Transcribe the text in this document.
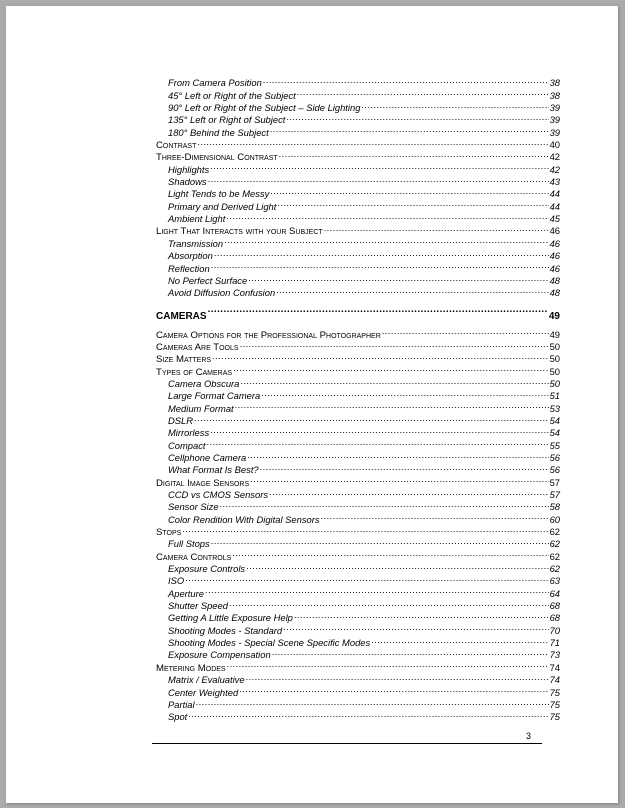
From Camera Position .....	38
45° Left or Right of the Subject .....	38
90° Left or Right of the Subject – Side Lighting .....	39
135° Left or Right of Subject .....	39
180° Behind the Subject .....	39
Contrast .....	40
Three-Dimensional Contrast .....	42
Highlights .....	42
Shadows .....	43
Light Tends to be Messy .....	44
Primary and Derived Light .....	44
Ambient Light .....	45
Light That Interacts with your Subject .....	46
Transmission .....	46
Absorption .....	46
Reflection .....	46
No Perfect Surface .....	48
Avoid Diffusion Confusion .....	48
CAMERAS .....	49
Camera Options for the Professional Photographer .....	49
Cameras Are Tools .....	50
Size Matters .....	50
Types of Cameras .....	50
Camera Obscura .....	50
Large Format Camera .....	51
Medium Format .....	53
DSLR .....	54
Mirrorless .....	54
Compact .....	55
Cellphone Camera .....	56
What Format Is Best? .....	56
Digital Image Sensors .....	57
CCD vs CMOS Sensors .....	57
Sensor Size .....	58
Color Rendition With Digital Sensors .....	60
Stops .....	62
Full Stops .....	62
Camera Controls .....	62
Exposure Controls .....	62
ISO .....	63
Aperture .....	64
Shutter Speed .....	68
Getting A Little Exposure Help .....	68
Shooting Modes - Standard .....	70
Shooting Modes - Special Scene Specific Modes .....	71
Exposure Compensation .....	73
Metering Modes .....	74
Matrix / Evaluative .....	74
Center Weighted .....	75
Partial .....	75
Spot .....	75
3
